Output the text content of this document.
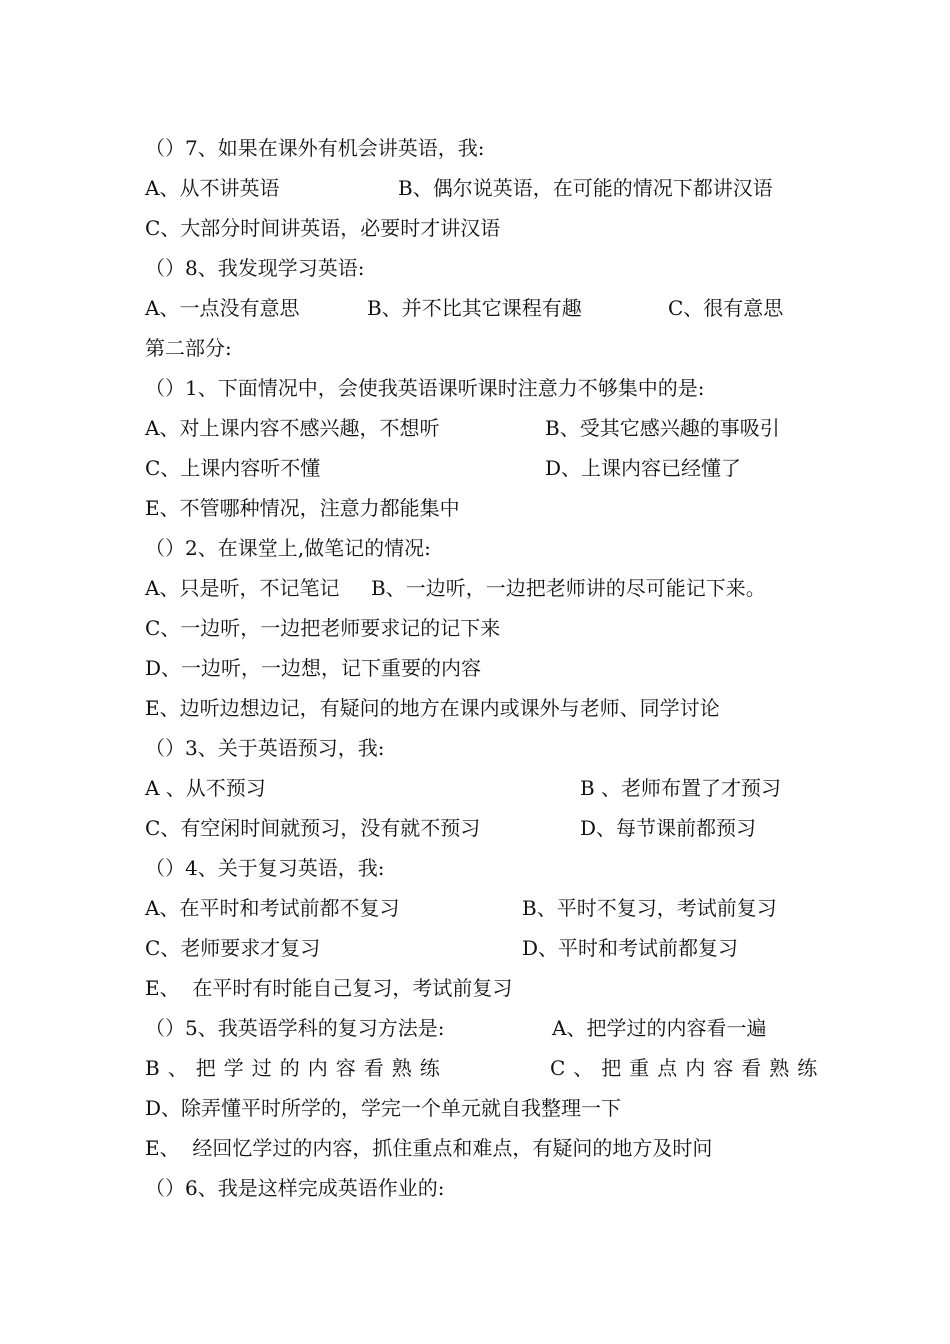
（）7、如果在课外有机会讲英语，我:

A、从不讲英语

	B、偶尔说英语，在可能的情况下都讲汉语

C、大部分时间讲英语，必要时才讲汉语
（）8、我发现学习英语:

A、一点没有意思

	B、并不比其它课程有趣

	C、很有意思

第二部分:
（）1、下面情况中，会使我英语课听课时注意力不够集中的是:

A、对上课内容不感兴趣，不想听

	B、受其它感兴趣的事吸引

C、上课内容听不懂

	D、上课内容已经懂了

E、不管哪种情况，注意力都能集中
（）2、在课堂上,做笔记的情况:

A、只是听，不记笔记

B、一边听，一边把老师讲的尽可能记下来。

C、一边听，一边把老师要求记的记下来
D、一边听，一边想，记下重要的内容
E、边听边想边记，有疑问的地方在课内或课外与老师、同学讨论
（）3、关于英语预习，我:

A 、从不预习

	B 、老师布置了才预习

C、有空闲时间就预习，没有就不预习

	D、每节课前都预习

（）4、关于复习英语，我:

A、在平时和考试前都不复习

	B、平时不复习，考试前复习

C、老师要求才复习

	D、平时和考试前都复习

E、  在平时有时能自己复习，考试前复习

（）5、我英语学科的复习方法是:

	A、把学过的内容看一遍

B、把学过的内容看熟练

	C、把重点内容看熟练

D、除弄懂平时所学的，学完一个单元就自我整理一下
E、  经回忆学过的内容，抓住重点和难点，有疑问的地方及时问
（）6、我是这样完成英语作业的:
